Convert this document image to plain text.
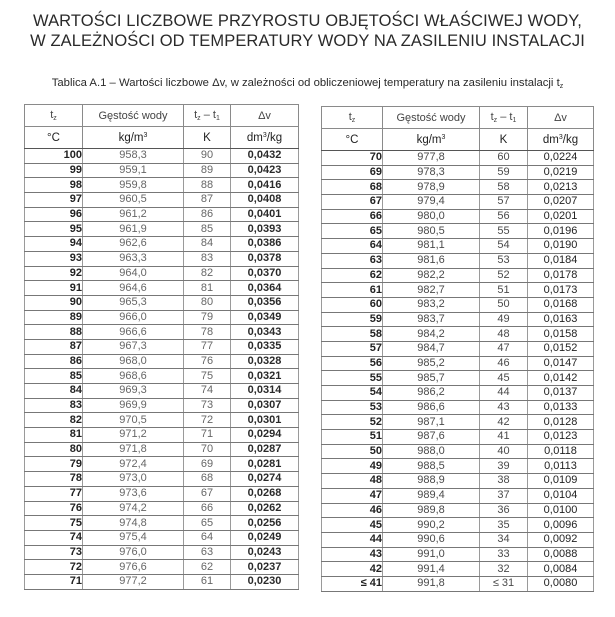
WARTOŚCI LICZBOWE PRZYROSTU OBJĘTOŚCI WŁAŚCIWEJ WODY,
W ZALEŻNOŚCI OD TEMPERATURY WODY NA ZASILENIU INSTALACJI
Tablica A.1 – Wartości liczbowe Δv, w zależności od obliczeniowej temperatury na zasileniu instalacji $t_z$
$t_z$	Gęstość wody	$t_z - t_1$	Δv
°C	$kg/m^3$	K	$dm^3/kg$
100	958,3	90	0,0432
99	959,1	89	0,0423
98	959,8	88	0,0416
97	960,5	87	0,0408
96	961,2	86	0,0401
95	961,9	85	0,0393
94	962,6	84	0,0386
93	963,3	83	0,0378
92	964,0	82	0,0370
91	964,6	81	0,0364
90	965,3	80	0,0356
89	966,0	79	0,0349
88	966,6	78	0,0343
87	967,3	77	0,0335
86	968,0	76	0,0328
85	968,6	75	0,0321
84	969,3	74	0,0314
83	969,9	73	0,0307
82	970,5	72	0,0301
81	971,2	71	0,0294
80	971,8	70	0,0287
79	972,4	69	0,0281
78	973,0	68	0,0274
77	973,6	67	0,0268
76	974,2	66	0,0262
75	974,8	65	0,0256
74	975,4	64	0,0249
73	976,0	63	0,0243
72	976,6	62	0,0237
71	977,2	61	0,0230
$t_z$	Gęstość wody	$t_z - t_1$	Δv
°C	$kg/m^3$	K	$dm^3/kg$
70	977,8	60	0,0224
69	978,3	59	0,0219
68	978,9	58	0,0213
67	979,4	57	0,0207
66	980,0	56	0,0201
65	980,5	55	0,0196
64	981,1	54	0,0190
63	981,6	53	0,0184
62	982,2	52	0,0178
61	982,7	51	0,0173
60	983,2	50	0,0168
59	983,7	49	0,0163
58	984,2	48	0,0158
57	984,7	47	0,0152
56	985,2	46	0,0147
55	985,7	45	0,0142
54	986,2	44	0,0137
53	986,6	43	0,0133
52	987,1	42	0,0128
51	987,6	41	0,0123
50	988,0	40	0,0118
49	988,5	39	0,0113
48	988,9	38	0,0109
47	989,4	37	0,0104
46	989,8	36	0,0100
45	990,2	35	0,0096
44	990,6	34	0,0092
43	991,0	33	0,0088
42	991,4	32	0,0084
≤ 41	991,8	≤ 31	0,0080
